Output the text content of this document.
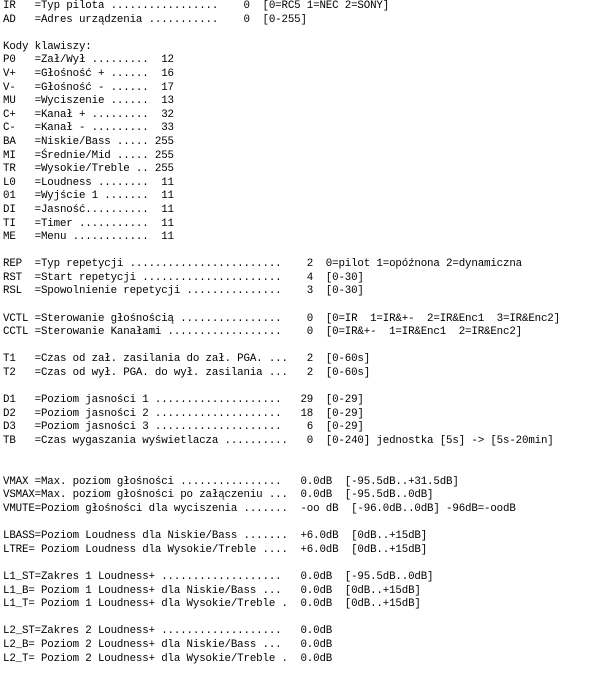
IR   =Typ pilota .................    0  [0=RC5 1=NEC 2=SONY]
AD   =Adres urządzenia ...........    0  [0-255]
Kody klawiszy:
P0   =Zał/Wył .........  12
V+   =Głośność + ......  16
V-   =Głośność - ......  17
MU   =Wyciszenie ......  13
C+   =Kanał + .........  32
C-   =Kanał - .........  33
BA   =Niskie/Bass ..... 255
MI   =Średnie/Mid ..... 255
TR   =Wysokie/Treble .. 255
L0   =Loudness ........  11
01   =Wyjście 1 .......  11
DI   =Jasność..........  11
TI   =Timer ...........  11
ME   =Menu ............  11
REP  =Typ repetycji ........................    2  0=pilot 1=opóźnona 2=dynamiczna
RST  =Start repetycji ......................    4  [0-30]
RSL  =Spowolnienie repetycji ...............    3  [0-30]
VCTL =Sterowanie głośnością ................    0  [0=IR  1=IR&+-  2=IR&Enc1  3=IR&Enc2]
CCTL =Sterowanie Kanałami ..................    0  [0=IR&+-  1=IR&Enc1  2=IR&Enc2]
T1   =Czas od zał. zasilania do zał. PGA. ...   2  [0-60s]
T2   =Czas od wył. PGA. do wył. zasilania ...   2  [0-60s]
D1   =Poziom jasności 1 ....................   29  [0-29]
D2   =Poziom jasności 2 ....................   18  [0-29]
D3   =Poziom jasności 3 ....................    6  [0-29]
TB   =Czas wygaszania wyświetlacza ..........   0  [0-240] jednostka [5s] -> [5s-20min]
VMAX =Max. poziom głośności ................   0.0dB  [-95.5dB..+31.5dB]
VSMAX=Max. poziom głośności po załączeniu ...  0.0dB  [-95.5dB..0dB]
VMUTE=Poziom głośności dla wyciszenia .......  -oo dB  [-96.0dB..0dB] -96dB=-oodB
LBASS=Poziom Loudness dla Niskie/Bass .......  +6.0dB  [0dB..+15dB]
LTRE= Poziom Loudness dla Wysokie/Treble ....  +6.0dB  [0dB..+15dB]
L1_ST=Zakres 1 Loudness+ ...................   0.0dB  [-95.5dB..0dB]
L1_B= Poziom 1 Loudness+ dla Niskie/Bass ...   0.0dB  [0dB..+15dB]
L1_T= Poziom 1 Loudness+ dla Wysokie/Treble .  0.0dB  [0dB..+15dB]
L2_ST=Zakres 2 Loudness+ ...................   0.0dB
L2_B= Poziom 2 Loudness+ dla Niskie/Bass ...   0.0dB
L2_T= Poziom 2 Loudness+ dla Wysokie/Treble .  0.0dB
